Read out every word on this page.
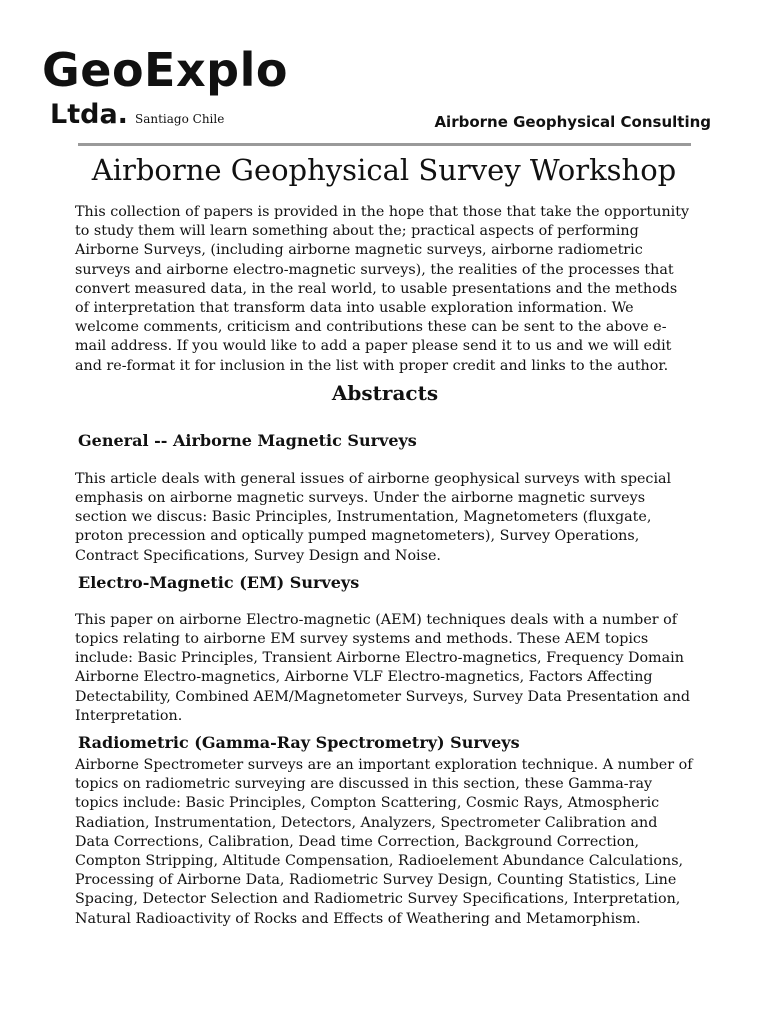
GeoExplo
Ltda. Santiago Chile	Airborne Geophysical Consulting
Airborne Geophysical Survey Workshop

This collection of papers is provided in the hope that those that take the opportunity to study them will learn something about the; practical aspects of performing Airborne Surveys, (including airborne magnetic surveys, airborne radiometric surveys and airborne electro-magnetic surveys), the realities of the processes that convert measured data, in the real world, to usable presentations and the methods of interpretation that transform data into usable exploration information. We welcome comments, criticism and contributions these can be sent to the above e-mail address. If you would like to add a paper please send it to us and we will edit and re-format it for inclusion in the list with proper credit and links to the author.

Abstracts
General -- Airborne Magnetic Surveys

This article deals with general issues of airborne geophysical surveys with special emphasis on airborne magnetic surveys. Under the airborne magnetic surveys section we discus: Basic Principles, Instrumentation, Magnetometers (fluxgate, proton precession and optically pumped magnetometers), Survey Operations, Contract Specifications, Survey Design and Noise.

Electro-Magnetic (EM) Surveys

This paper on airborne Electro-magnetic (AEM) techniques deals with a number of topics relating to airborne EM survey systems and methods. These AEM topics include: Basic Principles, Transient Airborne Electro-magnetics, Frequency Domain Airborne Electro-magnetics, Airborne VLF Electro-magnetics, Factors Affecting Detectability, Combined AEM/Magnetometer Surveys, Survey Data Presentation and Interpretation.

Radiometric (Gamma-Ray Spectrometry) Surveys

Airborne Spectrometer surveys are an important exploration technique. A number of topics on radiometric surveying are discussed in this section, these Gamma-ray topics include: Basic Principles, Compton Scattering, Cosmic Rays, Atmospheric Radiation, Instrumentation, Detectors, Analyzers, Spectrometer Calibration and Data Corrections, Calibration, Dead time Correction, Background Correction, Compton Stripping, Altitude Compensation, Radioelement Abundance Calculations, Processing of Airborne Data, Radiometric Survey Design, Counting Statistics, Line Spacing, Detector Selection and Radiometric Survey Specifications, Interpretation, Natural Radioactivity of Rocks and Effects of Weathering and Metamorphism.
